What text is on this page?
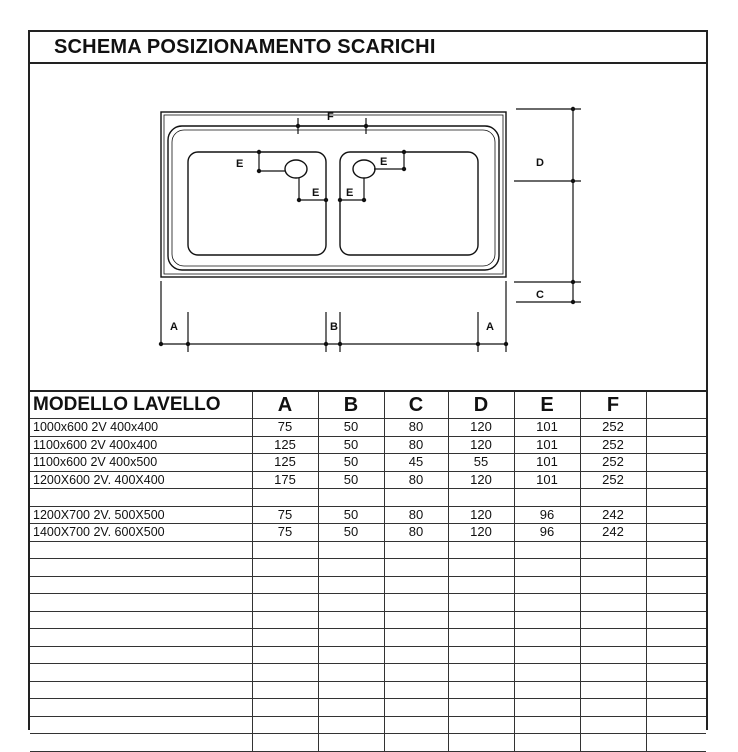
SCHEMA POSIZIONAMENTO SCARICHI
F
E
E
E
E
D
C
A	B	A
MODELLO LAVELLO	A	B	C	D	E	F	
1000x600 2V 400x400	75	50	80	120	101	252	
1100x600 2V 400x400	125	50	80	120	101	252	
1100x600 2V 400x500	125	50	45	55	101	252	
1200X600 2V. 400X400	175	50	80	120	101	252	

1200X700 2V. 500X500	75	50	80	120	96	242	
1400X700 2V. 600X500	75	50	80	120	96	242	
